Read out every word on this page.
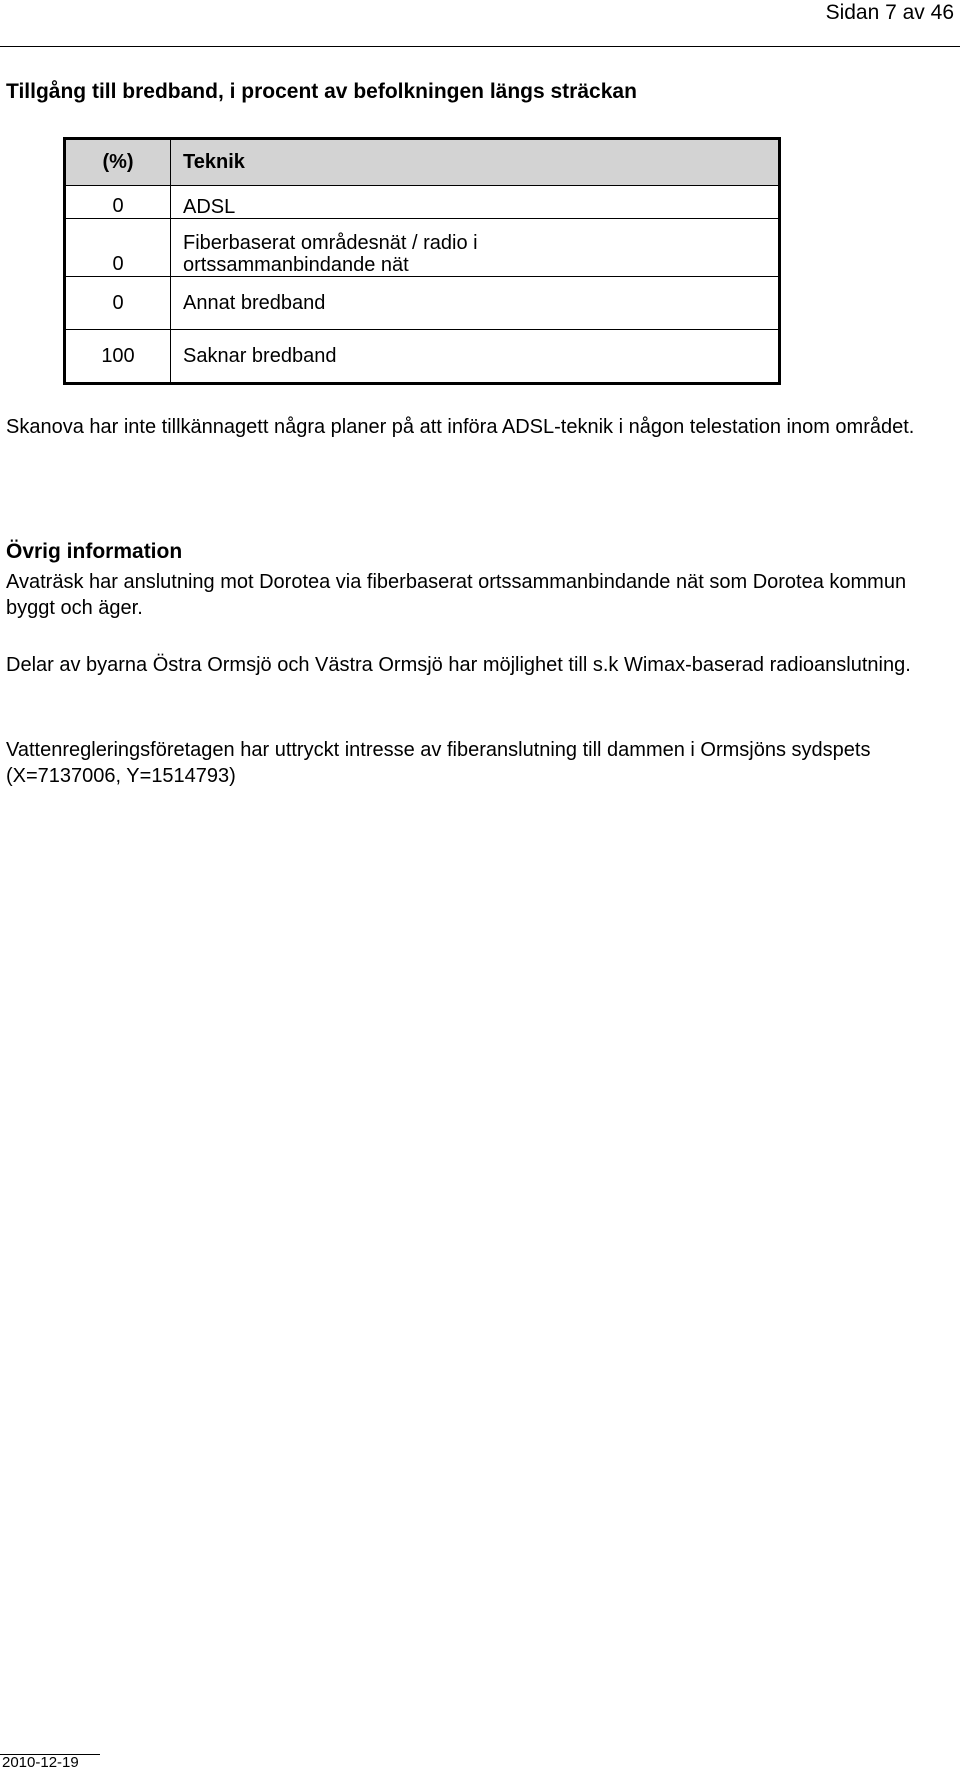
Sidan 7 av 46
Tillgång till bredband, i procent av befolkningen längs sträckan
(%)	Teknik
0	ADSL

0	Fiberbaserat områdesnät / radio i
ortssammanbindande nät

0	Annat bredband

100	Saknar bredband

Skanova har inte tillkännagett några planer på att införa ADSL-teknik i någon telestation inom området.

Övrig information

Avaträsk har anslutning mot Dorotea via fiberbaserat ortssammanbindande nät som Dorotea kommun byggt och äger.

Delar av byarna Östra Ormsjö och Västra Ormsjö har möjlighet till s.k Wimax-baserad radioanslutning.

Vattenregleringsföretagen har uttryckt intresse av fiberanslutning till dammen i Ormsjöns sydspets (X=7137006, Y=1514793)

2010-12-19
